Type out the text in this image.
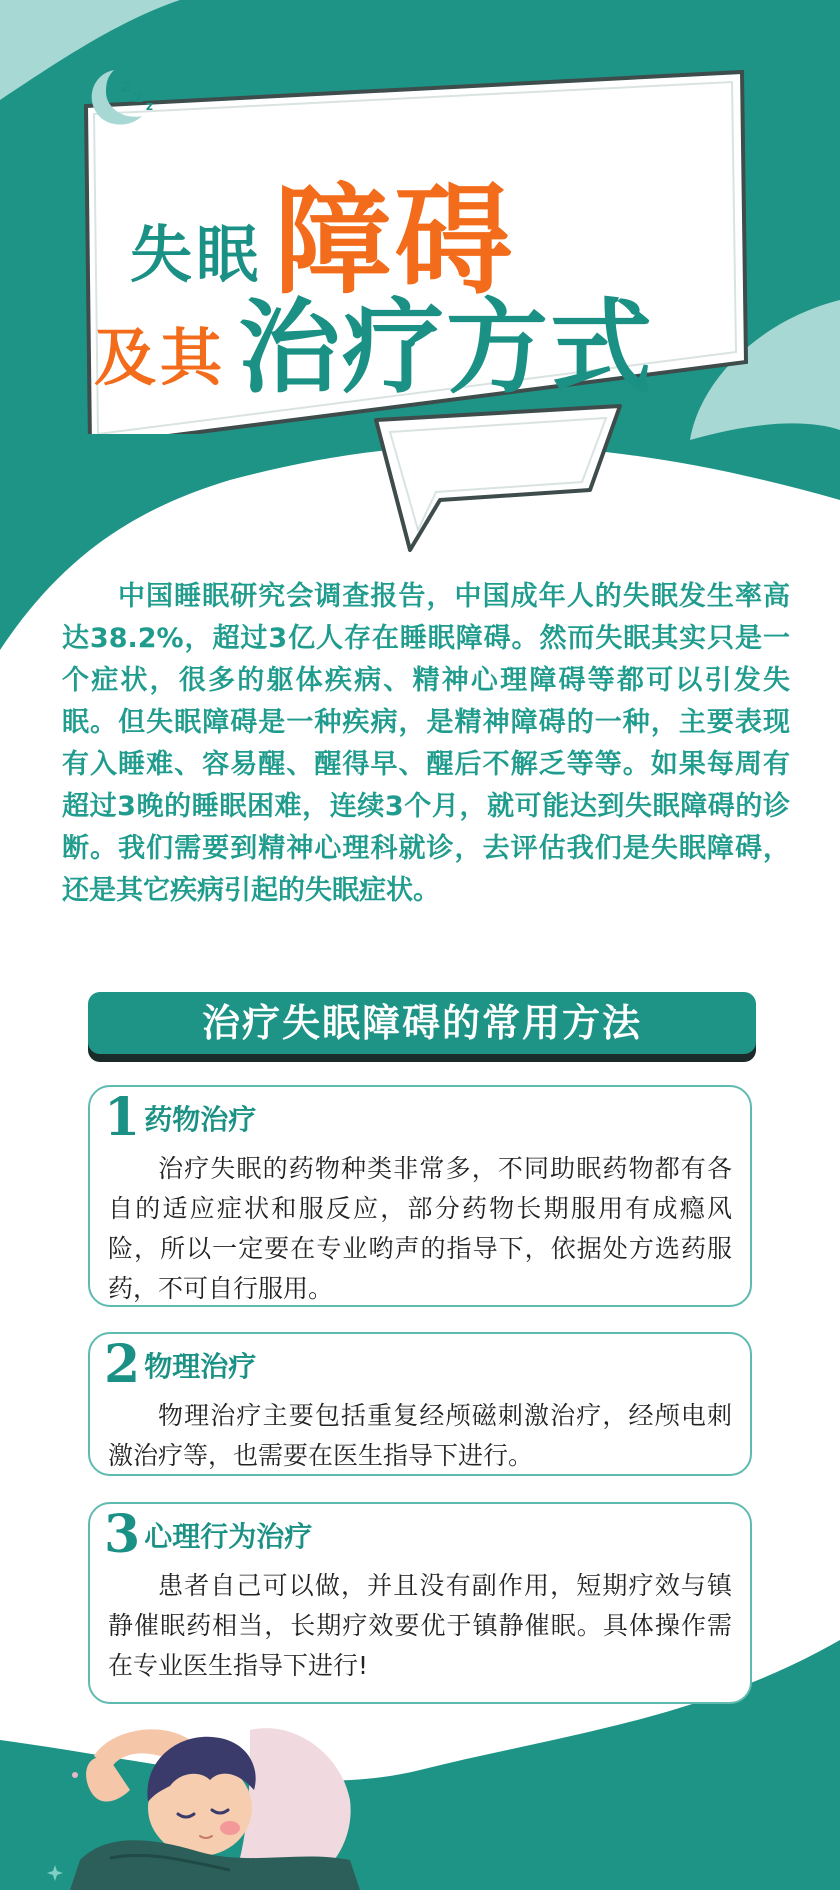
z z z
失眠 障碍
及其 治疗方式

中国睡眠研究会调查报告，中国成年人的失眠发生率高达38.2%，超过3亿人存在睡眠障碍。然而失眠其实只是一个症状，很多的躯体疾病、精神心理障碍等都可以引发失眠。但失眠障碍是一种疾病，是精神障碍的一种，主要表现有入睡难、容易醒、醒得早、醒后不解乏等等。如果每周有超过3晚的睡眠困难，连续3个月，就可能达到失眠障碍的诊断。我们需要到精神心理科就诊，去评估我们是失眠障碍，还是其它疾病引起的失眠症状。

治疗失眠障碍的常用方法
1 药物治疗

治疗失眠的药物种类非常多，不同助眠药物都有各自的适应症状和服反应，部分药物长期服用有成瘾风险，所以一定要在专业哟声的指导下，依据处方选药服药，不可自行服用。

2 物理治疗

物理治疗主要包括重复经颅磁刺激治疗，经颅电刺激治疗等，也需要在医生指导下进行。

3 心理行为治疗

患者自己可以做，并且没有副作用，短期疗效与镇静催眠药相当，长期疗效要优于镇静催眠。具体操作需在专业医生指导下进行!
